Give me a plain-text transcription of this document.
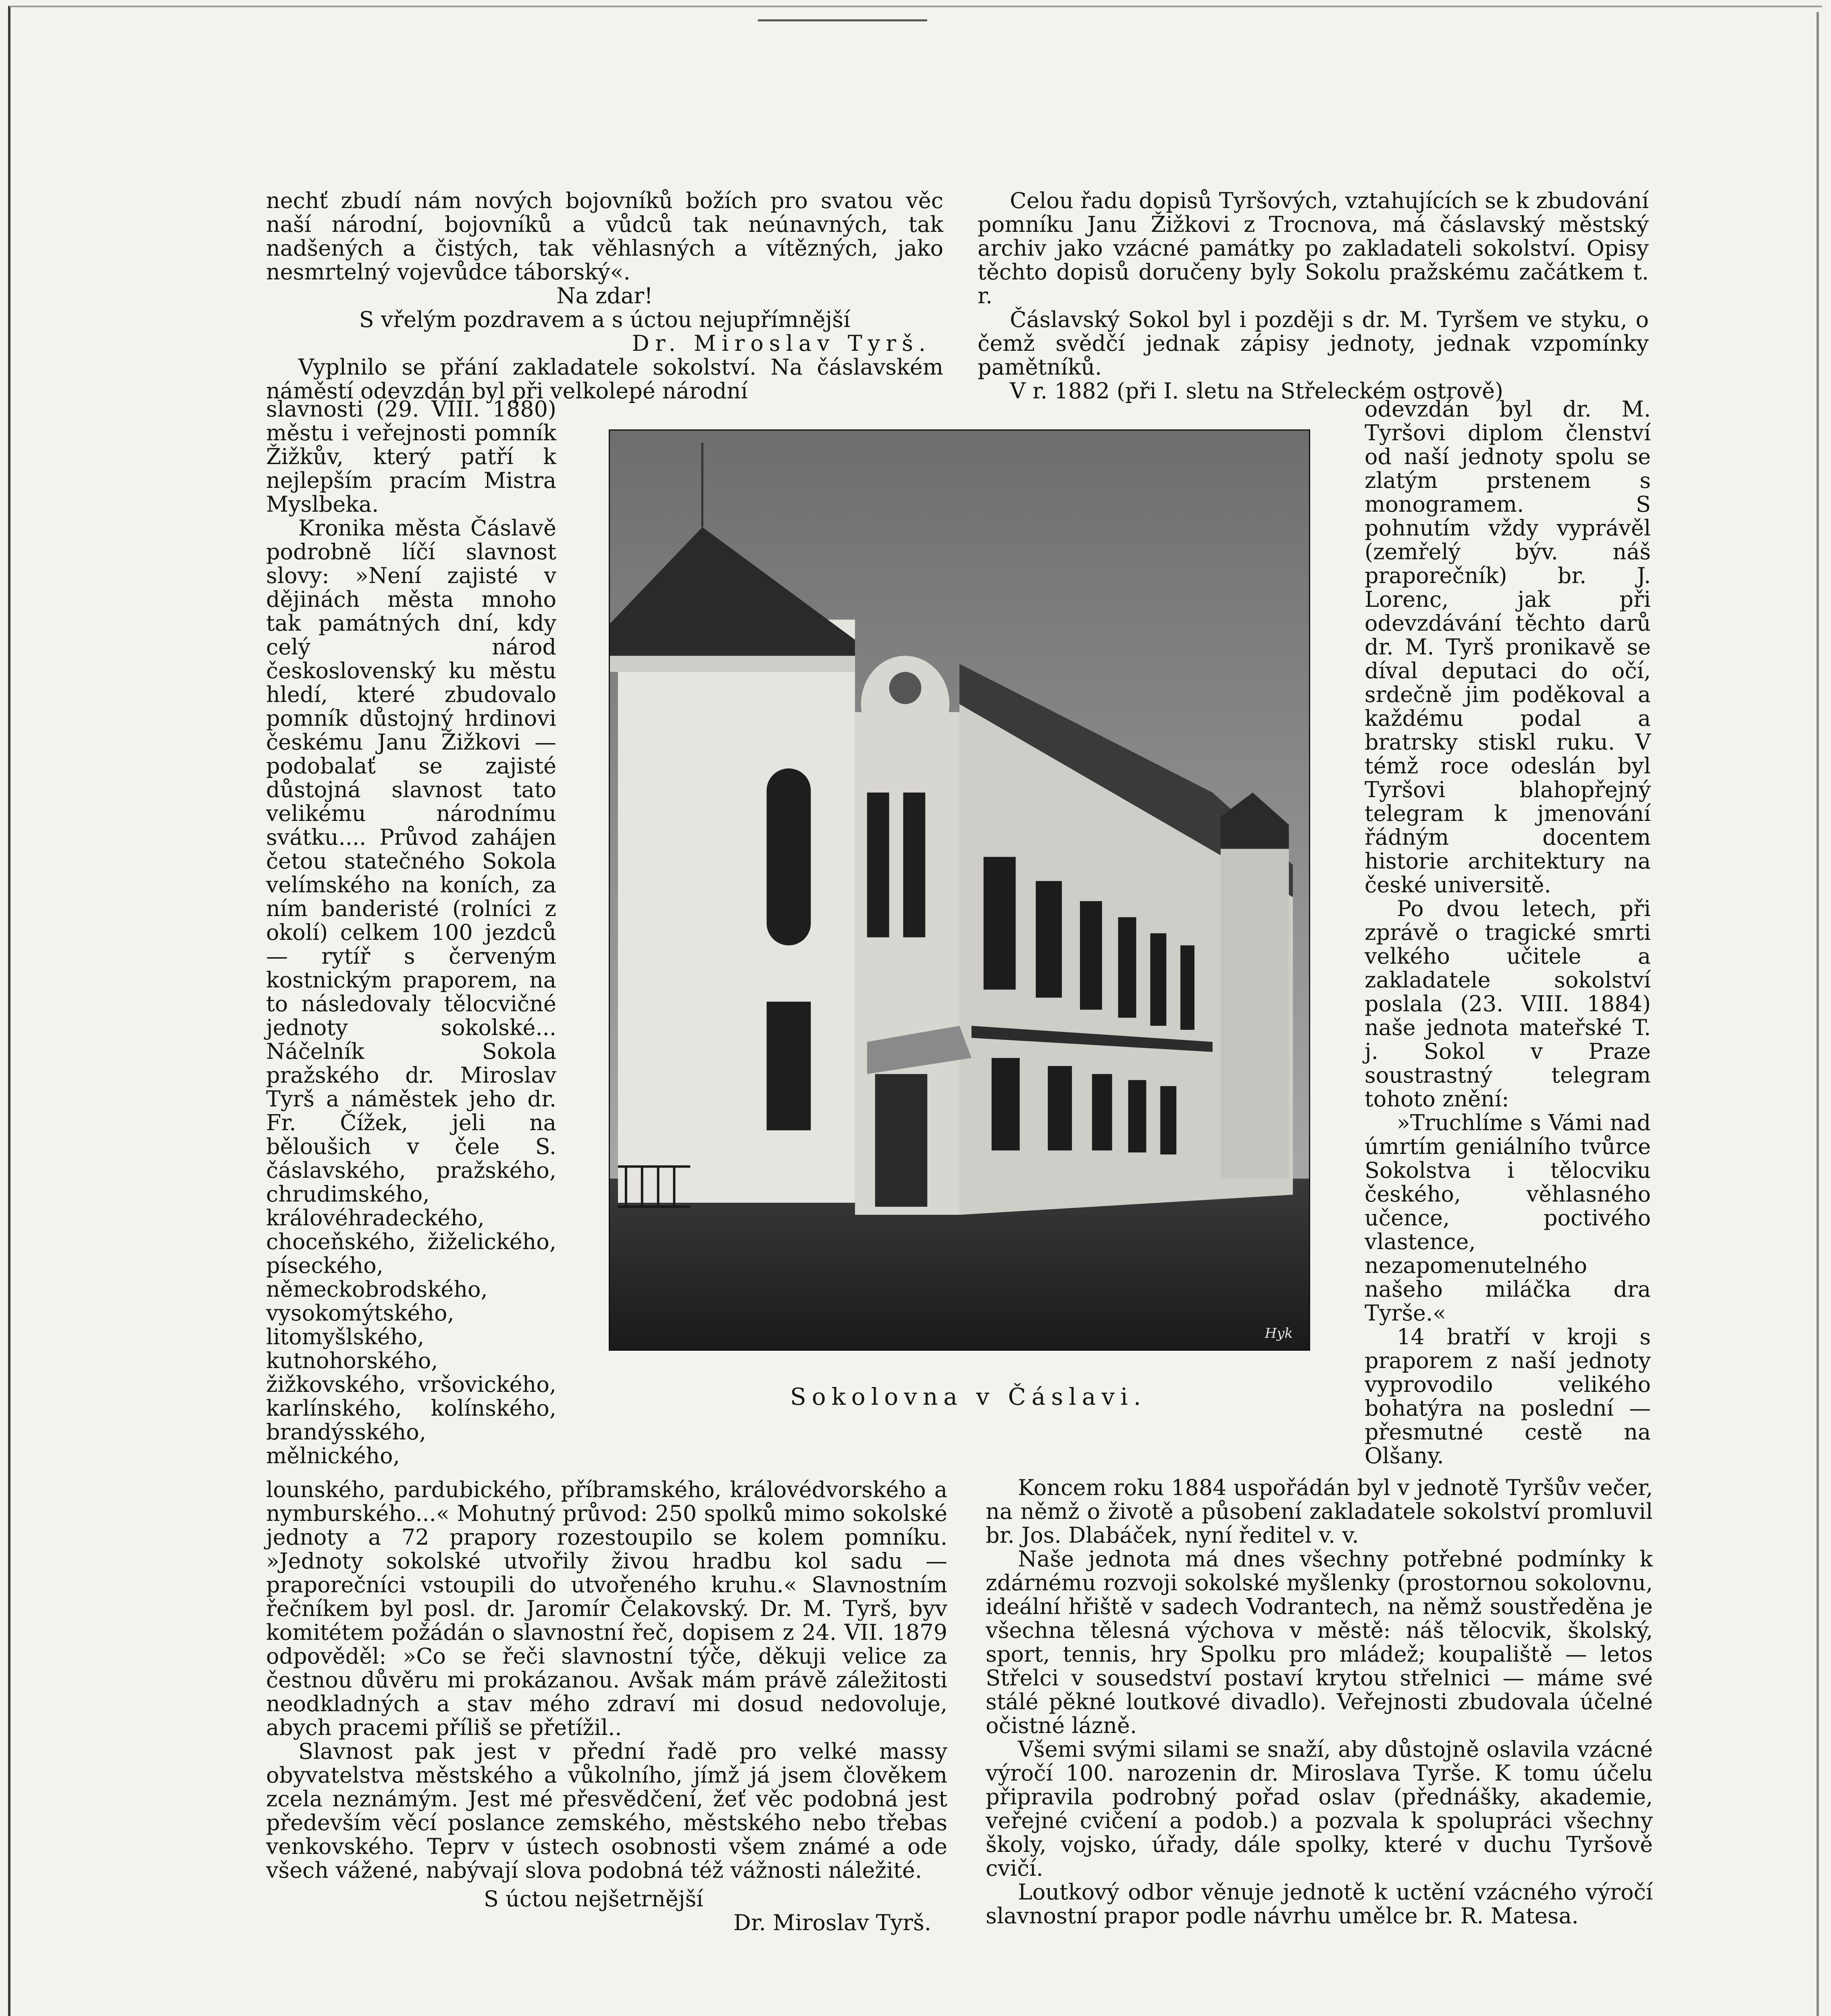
nechť zbudí nám nových bojovníků božích pro svatou věc naší národní, bojovníků a vůdců tak neúnavných, tak nadšených a čistých, tak věhlasných a vítězných, jako nesmrtelný vojevůdce táborský«.

Na zdar!

S vřelým pozdravem a s úctou nejupřímnější

Dr. Miroslav Tyrš.

Vyplnilo se přání zakladatele sokolství. Na čáslavském náměstí odevzdán byl při velkolepé národní

slavnosti (29. VIII. 1880) městu i veřejnosti pomník Žižkův, který patří k nejlepším pracím Mistra Myslbeka.

Kronika města Čáslavě podrobně líčí slavnost slovy: »Není zajisté v dějinách města mnoho tak památných dní, kdy celý národ československý ku městu hledí, které zbudovalo pomník důstojný hrdinovi českému Janu Žižkovi — podobalať se zajisté důstojná slavnost tato velikému národnímu svátku.... Průvod zahájen četou statečného Sokola velímského na koních, za ním banderisté (rolníci z okolí) celkem 100 jezdců — rytíř s červeným kostnickým praporem, na to následovaly tělocvičné jednoty sokolské... Náčelník Sokola pražského dr. Miroslav Tyrš a náměstek jeho dr. Fr. Čížek, jeli na běloušich v čele S. čáslavského, pražského, chrudimského, královéhradeckého, choceňského, žiželického, píseckého, německobrodského, vysokomýtského, litomyšlského, kutnohorského, žižkovského, vršovického, karlínského, kolínského, brandýsského, mělnického,

lounského, pardubického, příbramského, královédvorského a nymburského...« Mohutný průvod: 250 spolků mimo sokolské jednoty a 72 prapory rozestoupilo se kolem pomníku. »Jednoty sokolské utvořily živou hradbu kol sadu — praporečníci vstoupili do utvořeného kruhu.« Slavnostním řečníkem byl posl. dr. Jaromír Čelakovský. Dr. M. Tyrš, byv komitétem požádán o slavnostní řeč, dopisem z 24. VII. 1879 odpověděl: »Co se řeči slavnostní týče, děkuji velice za čestnou důvěru mi prokázanou. Avšak mám právě záležitosti neodkladných a stav mého zdraví mi dosud nedovoluje, abych pracemi příliš se přetížil..

Slavnost pak jest v přední řadě pro velké massy obyvatelstva městského a vůkolního, jímž já jsem člověkem zcela neznámým. Jest mé přesvědčení, žeť věc podobná jest především věcí poslance zemského, městského nebo třebas venkovského. Teprv v ústech osobnosti všem známé a ode všech vážené, nabývají slova podobná též vážnosti náležité.

S úctou nejšetrnější

Dr. Miroslav Tyrš.

Celou řadu dopisů Tyršových, vztahujících se k zbudování pomníku Janu Žižkovi z Trocnova, má čáslavský městský archiv jako vzácné památky po zakladateli sokolství. Opisy těchto dopisů doručeny byly Sokolu pražskému začátkem t. r.

Čáslavský Sokol byl i později s dr. M. Tyršem ve styku, o čemž svědčí jednak zápisy jednoty, jednak vzpomínky pamětníků.

V r. 1882 (při I. sletu na Střeleckém ostrově)

odevzdán byl dr. M. Tyršovi diplom členství od naší jednoty spolu se zlatým prstenem s monogramem. S pohnutím vždy vyprávěl (zemřelý býv. náš praporečník) br. J. Lorenc, jak při odevzdávání těchto darů dr. M. Tyrš pronikavě se díval deputaci do očí, srdečně jim poděkoval a každému podal a bratrsky stiskl ruku. V témž roce odeslán byl Tyršovi blahopřejný telegram k jmenování řádným docentem historie architektury na české universitě.

Po dvou letech, při zprávě o tragické smrti velkého učitele a zakladatele sokolství poslala (23. VIII. 1884) naše jednota mateřské T. j. Sokol v Praze soustrastný telegram tohoto znění:

»Truchlíme s Vámi nad úmrtím geniálního tvůrce Sokolstva i tělocviku českého, věhlasného učence, poctivého vlastence, nezapomenutelného našeho miláčka dra Tyrše.«

14 bratří v kroji s praporem z naší jednoty vyprovodilo velikého bohatýra na poslední — přesmutné cestě na Olšany.

Koncem roku 1884 uspořádán byl v jednotě Tyršův večer, na němž o životě a působení zakladatele sokolství promluvil br. Jos. Dlabáček, nyní ředitel v. v.

Naše jednota má dnes všechny potřebné podmínky k zdárnému rozvoji sokolské myšlenky (prostornou sokolovnu, ideální hřiště v sadech Vodrantech, na němž soustředěna je všechna tělesná výchova v městě: náš tělocvik, školský, sport, tennis, hry Spolku pro mládež; koupaliště — letos Střelci v sousedství postaví krytou střelnici — máme své stálé pěkné loutkové divadlo). Veřejnosti zbudovala účelné očistné lázně.

Všemi svými silami se snaží, aby důstojně oslavila vzácné výročí 100. narozenin dr. Miroslava Tyrše. K tomu účelu připravila podrobný pořad oslav (přednášky, akademie, veřejné cvičení a podob.) a pozvala k spolupráci všechny školy, vojsko, úřady, dále spolky, které v duchu Tyršově cvičí.

Loutkový odbor věnuje jednotě k uctění vzácného výročí slavnostní prapor podle návrhu umělce br. R. Matesa.

Hyk
Sokolovna v Čáslavi.
